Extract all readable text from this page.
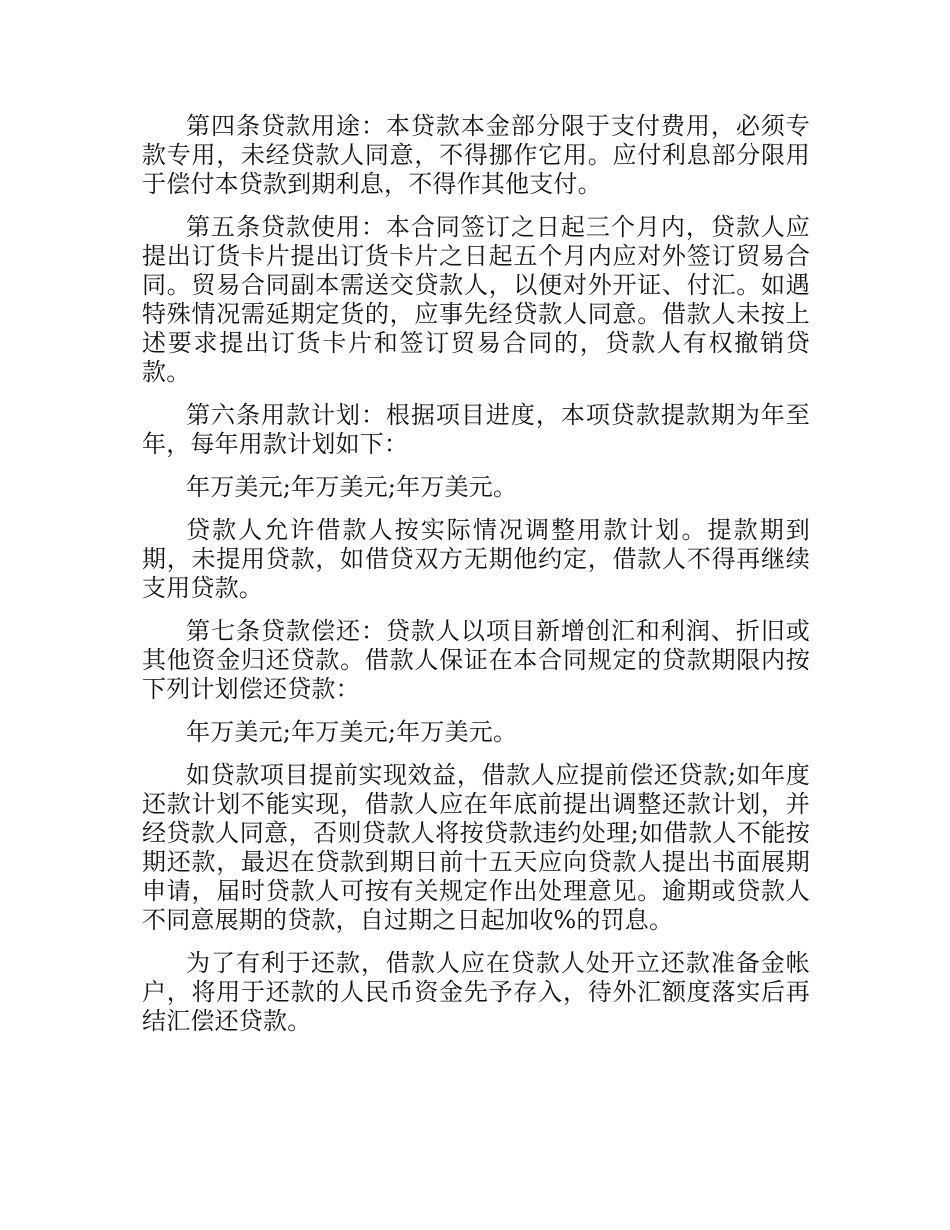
第四条贷款用途：本贷款本金部分限于支付费用，必须专款专用，未经贷款人同意，不得挪作它用。应付利息部分限用于偿付本贷款到期利息，不得作其他支付。

第五条贷款使用：本合同签订之日起三个月内，贷款人应提出订货卡片提出订货卡片之日起五个月内应对外签订贸易合同。贸易合同副本需送交贷款人，以便对外开证、付汇。如遇特殊情况需延期定货的，应事先经贷款人同意。借款人未按上述要求提出订货卡片和签订贸易合同的，贷款人有权撤销贷款。

第六条用款计划：根据项目进度，本项贷款提款期为年至年，每年用款计划如下：

年万美元;年万美元;年万美元。

贷款人允许借款人按实际情况调整用款计划。提款期到期，未提用贷款，如借贷双方无期他约定，借款人不得再继续支用贷款。

第七条贷款偿还：贷款人以项目新增创汇和利润、折旧或其他资金归还贷款。借款人保证在本合同规定的贷款期限内按下列计划偿还贷款：

年万美元;年万美元;年万美元。

如贷款项目提前实现效益，借款人应提前偿还贷款;如年度还款计划不能实现，借款人应在年底前提出调整还款计划，并经贷款人同意，否则贷款人将按贷款违约处理;如借款人不能按期还款，最迟在贷款到期日前十五天应向贷款人提出书面展期申请，届时贷款人可按有关规定作出处理意见。逾期或贷款人不同意展期的贷款，自过期之日起加收%的罚息。

为了有利于还款，借款人应在贷款人处开立还款准备金帐户，将用于还款的人民币资金先予存入，待外汇额度落实后再结汇偿还贷款。
